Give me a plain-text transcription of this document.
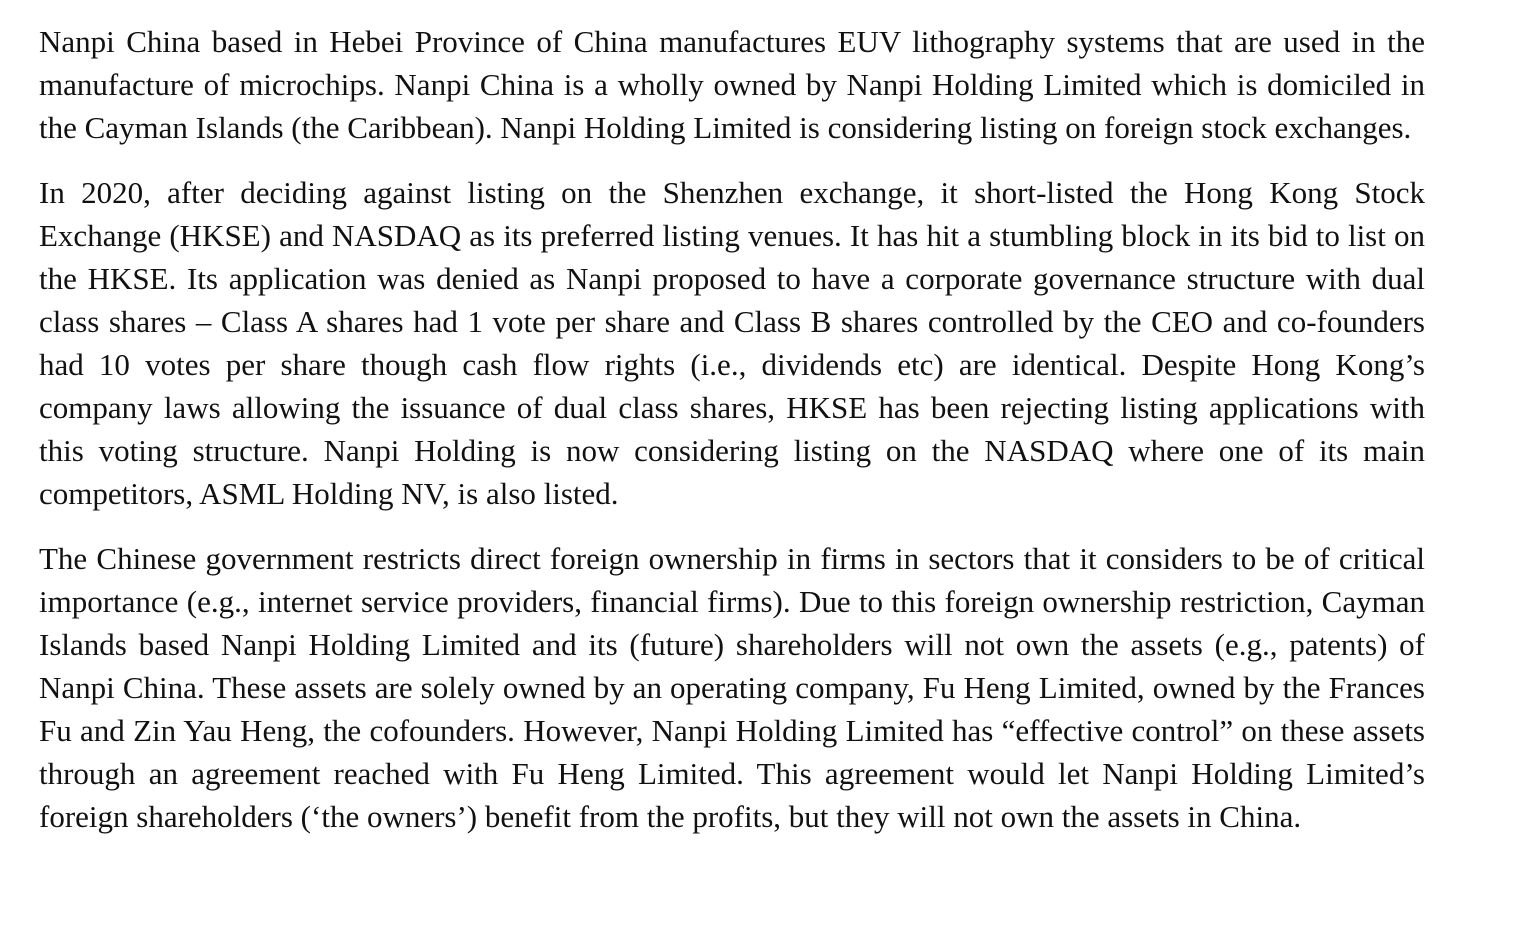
Nanpi China based in Hebei Province of China manufactures EUV lithography systems that are used in the manufacture of microchips. Nanpi China is a wholly owned by Nanpi Holding Limited which is domiciled in the Cayman Islands (the Caribbean). Nanpi Holding Limited is considering listing on foreign stock exchanges.

In 2020, after deciding against listing on the Shenzhen exchange, it short-listed the Hong Kong Stock Exchange (HKSE) and NASDAQ as its preferred listing venues. It has hit a stumbling block in its bid to list on the HKSE. Its application was denied as Nanpi proposed to have a corporate governance structure with dual class shares – Class A shares had 1 vote per share and Class B shares controlled by the CEO and co-founders had 10 votes per share though cash flow rights (i.e., dividends etc) are identical. Despite Hong Kong’s company laws allowing the issuance of dual class shares, HKSE has been rejecting listing applications with this voting structure. Nanpi Holding is now considering listing on the NASDAQ where one of its main competitors, ASML Holding NV, is also listed.

The Chinese government restricts direct foreign ownership in firms in sectors that it considers to be of critical importance (e.g., internet service providers, financial firms). Due to this foreign ownership restriction, Cayman Islands based Nanpi Holding Limited and its (future) shareholders will not own the assets (e.g., patents) of Nanpi China. These assets are solely owned by an operating company, Fu Heng Limited, owned by the Frances Fu and Zin Yau Heng, the cofounders. However, Nanpi Holding Limited has “effective control” on these assets through an agreement reached with Fu Heng Limited. This agreement would let Nanpi Holding Limited’s foreign shareholders (‘the owners’) benefit from the profits, but they will not own the assets in China.
